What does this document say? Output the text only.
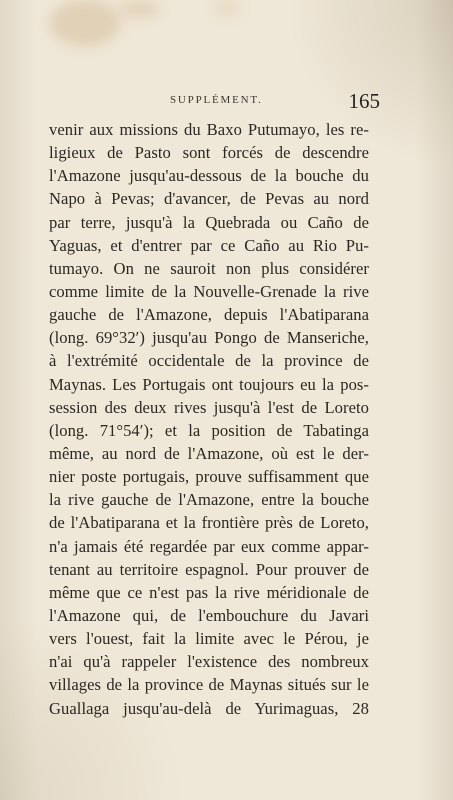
SUPPLÉMENT.	165
venir aux missions du Baxo Putumayo, les re-
ligieux de Pasto sont forcés de descendre
l'Amazone jusqu'au-dessous de la bouche du
Napo à Pevas; d'avancer, de Pevas au nord
par terre, jusqu'à la Quebrada ou Caño de
Yaguas, et d'entrer par ce Caño au Rio Pu-
tumayo. On ne sauroit non plus considérer
comme limite de la Nouvelle-Grenade la rive
gauche de l'Amazone, depuis l'Abatiparana
(long. 69°32′) jusqu'au Pongo de Manseriche,
à l'extrémité occidentale de la province de
Maynas. Les Portugais ont toujours eu la pos-
session des deux rives jusqu'à l'est de Loreto
(long. 71°54′); et la position de Tabatinga
même, au nord de l'Amazone, où est le der-
nier poste portugais, prouve suffisamment que
la rive gauche de l'Amazone, entre la bouche
de l'Abatiparana et la frontière près de Loreto,
n'a jamais été regardée par eux comme appar-
tenant au territoire espagnol. Pour prouver de
même que ce n'est pas la rive méridionale de
l'Amazone qui, de l'embouchure du Javari
vers l'ouest, fait la limite avec le Pérou, je
n'ai qu'à rappeler l'existence des nombreux
villages de la province de Maynas situés sur le
Guallaga jusqu'au-delà de Yurimaguas, 28
